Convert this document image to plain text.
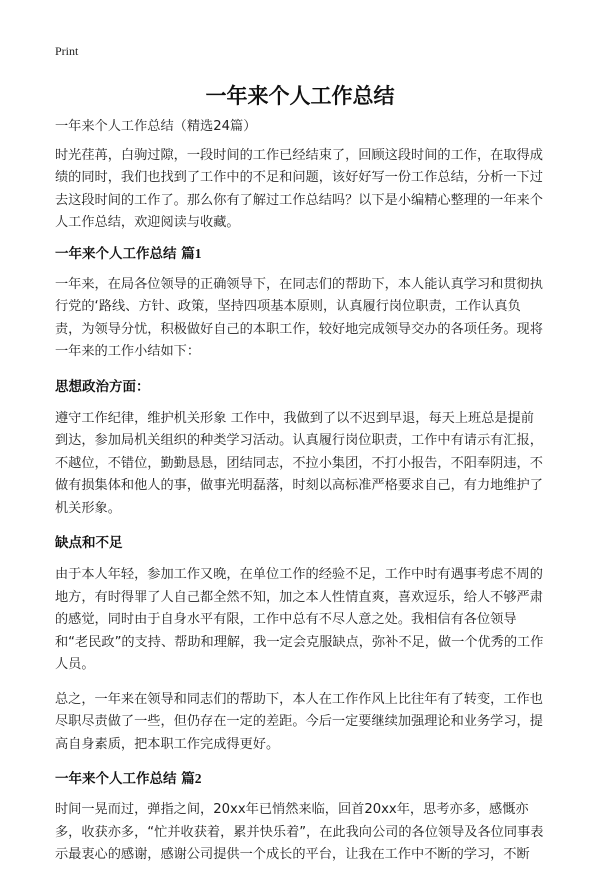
Print
一年来个人工作总结

一年来个人工作总结（精选24篇）

时光荏苒，白驹过隙，一段时间的工作已经结束了，回顾这段时间的工作，在取得成绩的同时，我们也找到了工作中的不足和问题，该好好写一份工作总结，分析一下过去这段时间的工作了。那么你有了解过工作总结吗？以下是小编精心整理的一年来个人工作总结，欢迎阅读与收藏。

一年来个人工作总结 篇1

一年来，在局各位领导的正确领导下，在同志们的帮助下，本人能认真学习和贯彻执行党的‘路线、方针、政策，坚持四项基本原则，认真履行岗位职责，工作认真负责，为领导分忧，积极做好自己的本职工作，较好地完成领导交办的各项任务。现将一年来的工作小结如下：

思想政治方面：

遵守工作纪律，维护机关形象 工作中，我做到了以不迟到早退，每天上班总是提前到达，参加局机关组织的种类学习活动。认真履行岗位职责，工作中有请示有汇报，不越位，不错位，勤勤恳恳，团结同志，不拉小集团，不打小报告，不阳奉阴违，不做有损集体和他人的事，做事光明磊落，时刻以高标准严格要求自己，有力地维护了机关形象。

缺点和不足

由于本人年轻，参加工作又晚，在单位工作的经验不足，工作中时有遇事考虑不周的地方，有时得罪了人自己都全然不知，加之本人性情直爽，喜欢逗乐，给人不够严肃的感觉，同时由于自身水平有限，工作中总有不尽人意之处。我相信有各位领导和“老民政”的支持、帮助和理解，我一定会克服缺点，弥补不足，做一个优秀的工作人员。

总之，一年来在领导和同志们的帮助下，本人在工作作风上比往年有了转变，工作也尽职尽责做了一些，但仍存在一定的差距。今后一定要继续加强理论和业务学习，提高自身素质，把本职工作完成得更好。

一年来个人工作总结 篇2

时间一晃而过，弹指之间，20xx年已悄然来临，回首20xx年，思考亦多，感慨亦多，收获亦多，“忙并收获着，累并快乐着”，在此我向公司的各位领导及各位同事表示最衷心的感谢，感谢公司提供一个成长的平台，让我在工作中不断的学习，不断
